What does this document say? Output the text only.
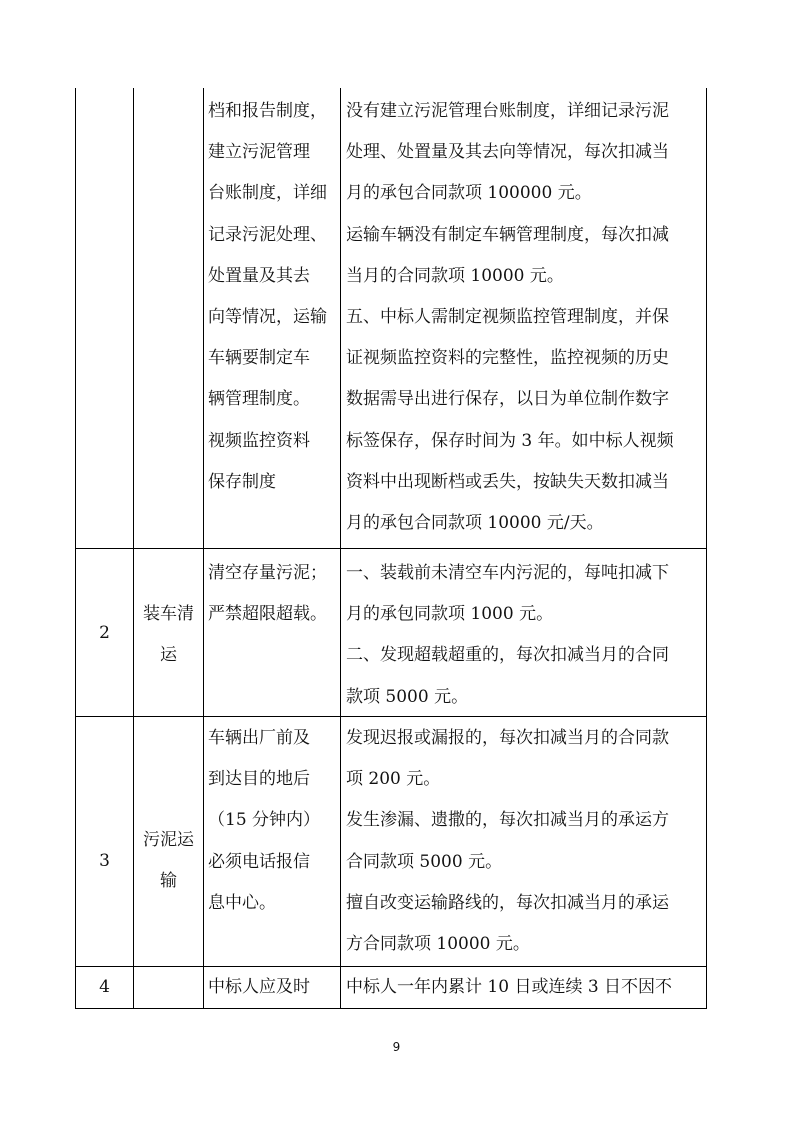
档和报告制度，
建立污泥管理
台账制度，详细
记录污泥处理、
处置量及其去
向等情况，运输
车辆要制定车
辆管理制度。
视频监控资料
保存制度
没有建立污泥管理台账制度，详细记录污泥
处理、处置量及其去向等情况，每次扣减当
月的承包合同款项 100000 元。
运输车辆没有制定车辆管理制度，每次扣减
当月的合同款项 10000 元。
五、中标人需制定视频监控管理制度，并保
证视频监控资料的完整性，监控视频的历史
数据需导出进行保存，以日为单位制作数字
标签保存，保存时间为 3 年。如中标人视频
资料中出现断档或丢失，按缺失天数扣减当
月的承包合同款项 10000 元/天。
2
装车清
运
清空存量污泥；
严禁超限超载。
一、装载前未清空车内污泥的，每吨扣减下
月的承包同款项 1000 元。
二、发现超载超重的，每次扣减当月的合同
款项 5000 元。
3
污泥运
输
车辆出厂前及
到达目的地后
（15 分钟内）
必须电话报信
息中心。
发现迟报或漏报的，每次扣减当月的合同款
项 200 元。
发生渗漏、遗撒的，每次扣减当月的承运方
合同款项 5000 元。
擅自改变运输路线的，每次扣减当月的承运
方合同款项 10000 元。
4	中标人应及时	中标人一年内累计 10 日或连续 3 日不因不
9
